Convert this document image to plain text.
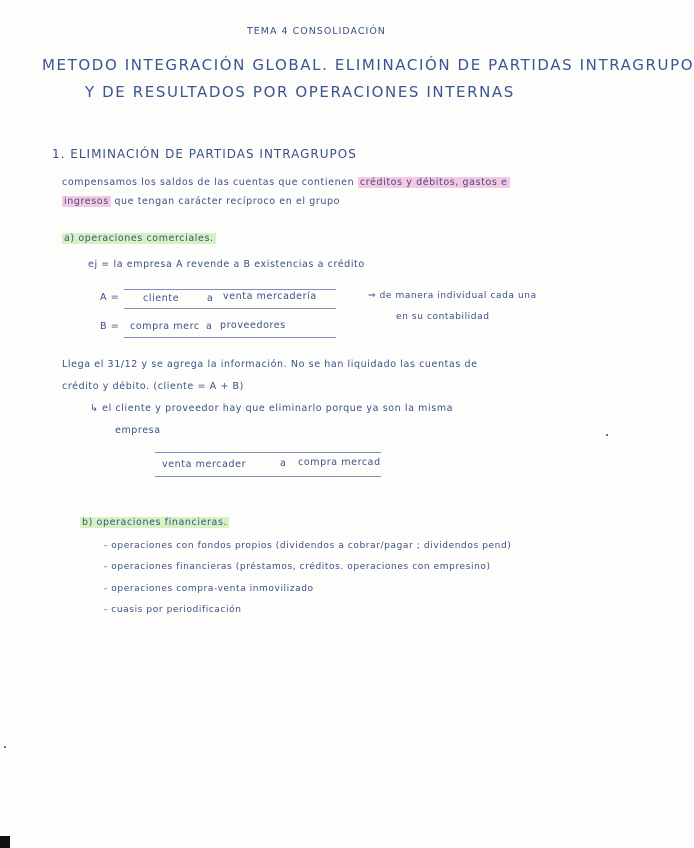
TEMA 4 CONSOLIDACIÓN
METODO INTEGRACIÓN GLOBAL. ELIMINACIÓN DE PARTIDAS INTRAGRUPO
Y DE RESULTADOS POR OPERACIONES INTERNAS
1. ELIMINACIÓN DE PARTIDAS INTRAGRUPOS
compensamos los saldos de las cuentas que contienen créditos y débitos, gastos e
ingresos que tengan carácter recíproco en el grupo
a) operaciones comerciales.
ej = la empresa A revende a B existencias a crédito
A = cliente	a venta mercadería
B = compra merc a proveedores
⇒ de manera individual cada una
en su contabilidad
Llega el 31/12 y se agrega la información. No se han liquidado las cuentas de
crédito y débito. (cliente = A + B)
↳ el cliente y proveedor hay que eliminarlo porque ya son la misma
empresa
venta mercader	a compra mercad
b) operaciones financieras.
- operaciones con fondos propios (dividendos a cobrar/pagar ; dividendos pend)
- operaciones financieras (préstamos, créditos. operaciones con empresino)
- operaciones compra-venta inmovilizado
- cuasis por periodificación
